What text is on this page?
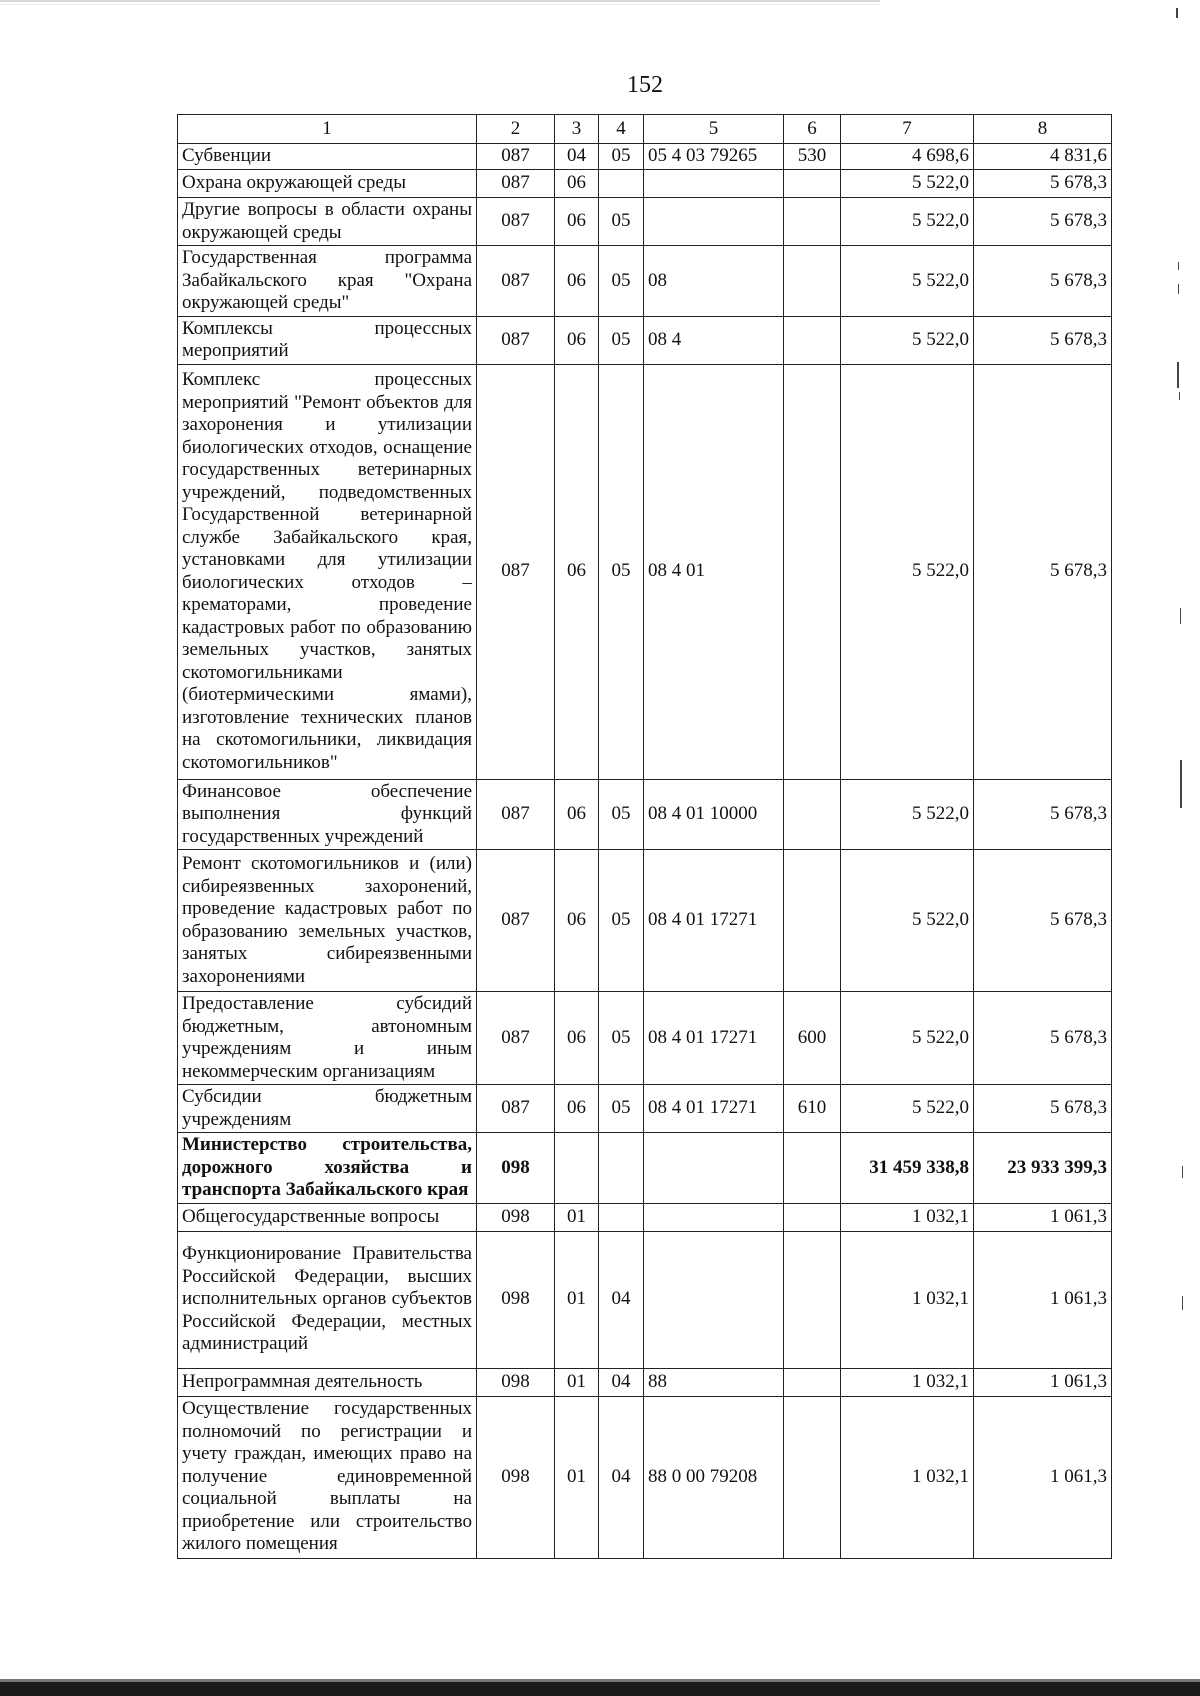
152
1	2	3	4	5	6	7	8
Субвенции	087	04	05	05 4 03 79265	530	4 698,6	4 831,6
Охрана окружающей среды	087	06				5 522,0	5 678,3
Другие вопросы в области охраны окружающей среды	087	06	05			5 522,0	5 678,3
Государственная программа Забайкальского края "Охрана окружающей среды"	087	06	05	08		5 522,0	5 678,3
Комплексы процессных мероприятий	087	06	05	08 4		5 522,0	5 678,3
Комплекс процессных мероприятий "Ремонт объектов для захоронения и утилизации биологических отходов, оснащение государственных ветеринарных учреждений, подведомственных Государственной ветеринарной службе Забайкальского края, установками для утилизации биологических отходов – крематорами, проведение кадастровых работ по образованию земельных участков, занятых скотомогильниками (биотермическими ямами), изготовление технических планов на скотомогильники, ликвидация скотомогильников"	087	06	05	08 4 01		5 522,0	5 678,3
Финансовое обеспечение выполнения функций государственных учреждений	087	06	05	08 4 01 10000		5 522,0	5 678,3
Ремонт скотомогильников и (или) сибиреязвенных захоронений, проведение кадастровых работ по образованию земельных участков, занятых сибиреязвенными захоронениями	087	06	05	08 4 01 17271		5 522,0	5 678,3
Предоставление субсидий бюджетным, автономным учреждениям и иным некоммерческим организациям	087	06	05	08 4 01 17271	600	5 522,0	5 678,3
Субсидии бюджетным учреждениям	087	06	05	08 4 01 17271	610	5 522,0	5 678,3
Министерство строительства, дорожного хозяйства и транспорта Забайкальского края	098					31 459 338,8	23 933 399,3
Общегосударственные вопросы	098	01				1 032,1	1 061,3
Функционирование Правительства Российской Федерации, высших исполнительных органов субъектов Российской Федерации, местных администраций	098	01	04			1 032,1	1 061,3
Непрограммная деятельность	098	01	04	88		1 032,1	1 061,3
Осуществление государственных полномочий по регистрации и учету граждан, имеющих право на получение единовременной социальной выплаты на приобретение или строительство жилого помещения	098	01	04	88 0 00 79208		1 032,1	1 061,3
